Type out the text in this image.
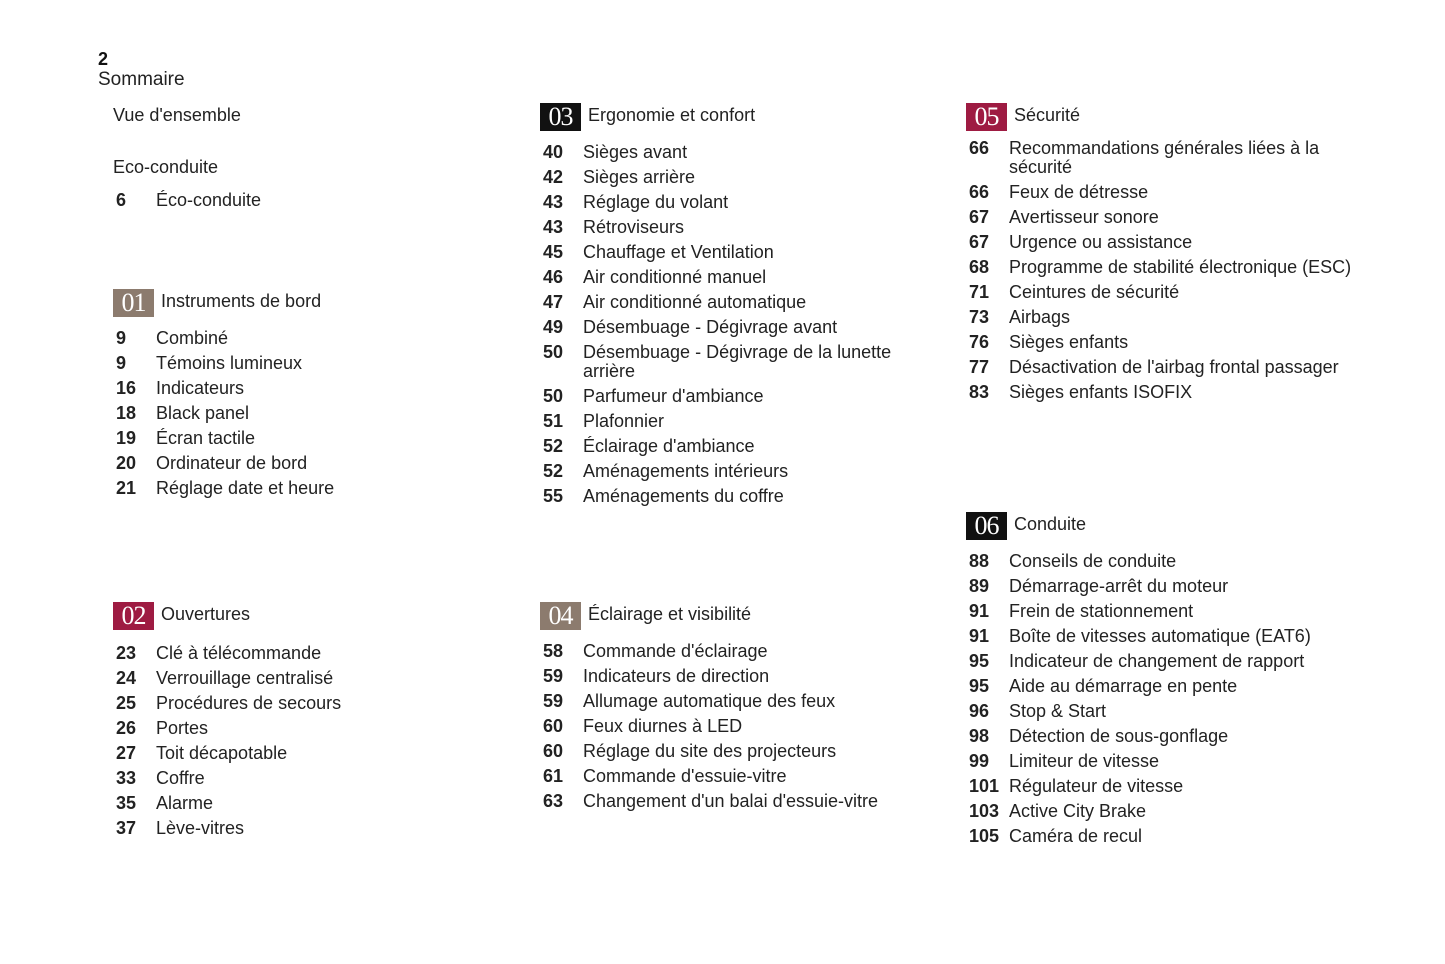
2
Sommaire
Vue d'ensemble
Eco-conduite
6	Éco-conduite
01 Instruments de bord
9	Combiné
9	Témoins lumineux
16	Indicateurs
18	Black panel
19	Écran tactile
20	Ordinateur de bord
21	Réglage date et heure
02 Ouvertures
23	Clé à télécommande
24	Verrouillage centralisé
25	Procédures de secours
26	Portes
27	Toit décapotable
33	Coffre
35	Alarme
37	Lève-vitres
03 Ergonomie et confort
40	Sièges avant
42	Sièges arrière
43	Réglage du volant
43	Rétroviseurs
45	Chauffage et Ventilation
46	Air conditionné manuel
47	Air conditionné automatique
49	Désembuage - Dégivrage avant
50	Désembuage - Dégivrage de la lunette arrière
50	Parfumeur d'ambiance
51	Plafonnier
52	Éclairage d'ambiance
52	Aménagements intérieurs
55	Aménagements du coffre
04 Éclairage et visibilité
58	Commande d'éclairage
59	Indicateurs de direction
59	Allumage automatique des feux
60	Feux diurnes à LED
60	Réglage du site des projecteurs
61	Commande d'essuie-vitre
63	Changement d'un balai d'essuie-vitre
05 Sécurité
66	Recommandations générales liées à la sécurité
66	Feux de détresse
67	Avertisseur sonore
67	Urgence ou assistance
68	Programme de stabilité électronique (ESC)
71	Ceintures de sécurité
73	Airbags
76	Sièges enfants
77	Désactivation de l'airbag frontal passager
83	Sièges enfants ISOFIX
06 Conduite
88	Conseils de conduite
89	Démarrage-arrêt du moteur
91	Frein de stationnement
91	Boîte de vitesses automatique (EAT6)
95	Indicateur de changement de rapport
95	Aide au démarrage en pente
96	Stop & Start
98	Détection de sous-gonflage
99	Limiteur de vitesse
101 Régulateur de vitesse
103 Active City Brake
105 Caméra de recul
